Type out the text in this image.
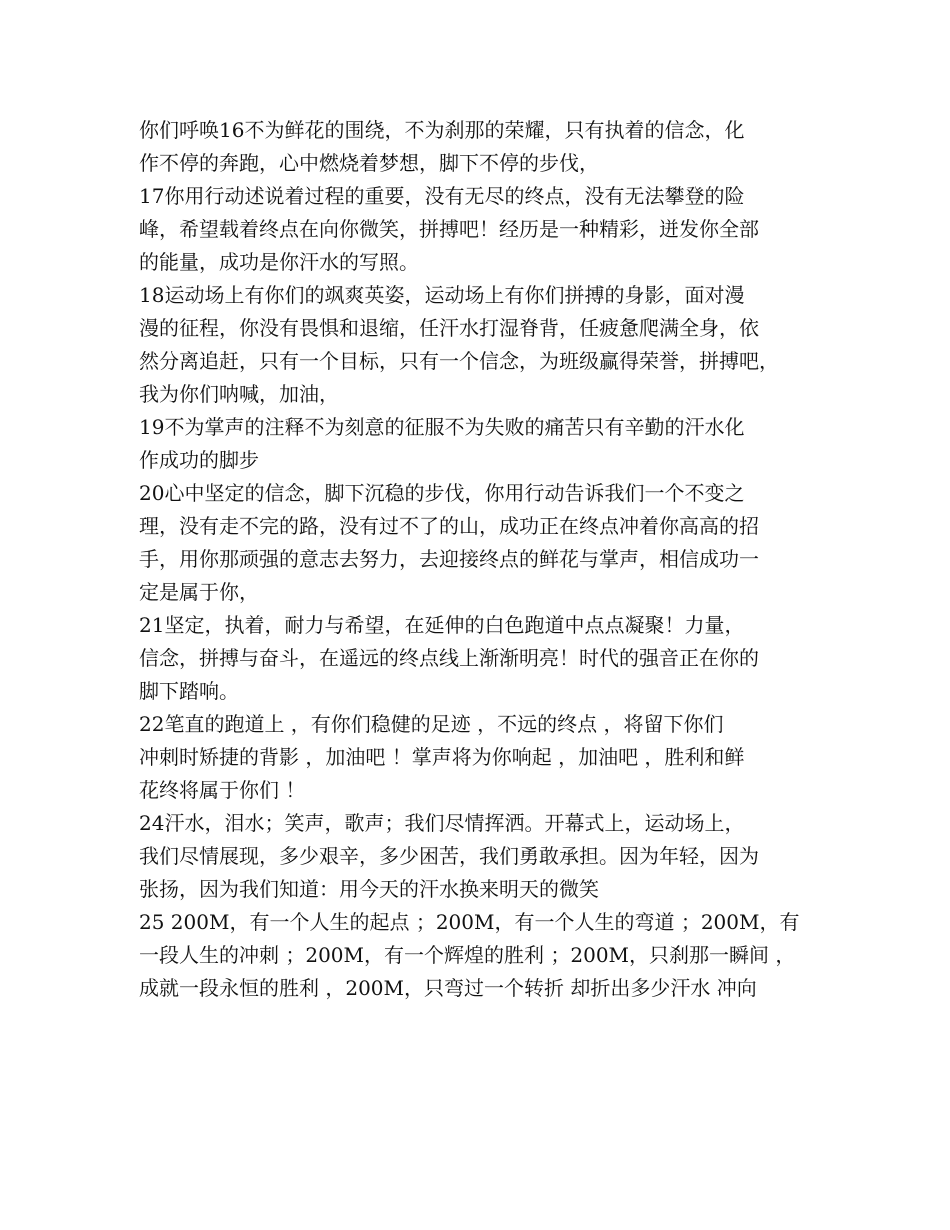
你们呼唤16不为鲜花的围绕，不为刹那的荣耀，只有执着的信念，化
作不停的奔跑，心中燃烧着梦想，脚下不停的步伐，
17你用行动述说着过程的重要，没有无尽的终点，没有无法攀登的险
峰，希望载着终点在向你微笑，拼搏吧！经历是一种精彩，迸发你全部
的能量，成功是你汗水的写照。
18运动场上有你们的飒爽英姿，运动场上有你们拼搏的身影，面对漫
漫的征程，你没有畏惧和退缩，任汗水打湿脊背，任疲惫爬满全身，依
然分离追赶，只有一个目标，只有一个信念，为班级赢得荣誉，拼搏吧，
我为你们呐喊，加油，
19不为掌声的注释不为刻意的征服不为失败的痛苦只有辛勤的汗水化
作成功的脚步
20心中坚定的信念，脚下沉稳的步伐，你用行动告诉我们一个不变之
理，没有走不完的路，没有过不了的山，成功正在终点冲着你高高的招
手，用你那顽强的意志去努力，去迎接终点的鲜花与掌声，相信成功一
定是属于你，
21坚定，执着，耐力与希望，在延伸的白色跑道中点点凝聚！力量，
信念，拼搏与奋斗，在遥远的终点线上渐渐明亮！时代的强音正在你的
脚下踏响。
22笔直的跑道上 ，有你们稳健的足迹 ，不远的终点 ，将留下你们
冲刺时矫捷的背影 ，加油吧 ！掌声将为你响起 ，加油吧 ，胜利和鲜
花终将属于你们 ！
24汗水，泪水；笑声，歌声；我们尽情挥洒。开幕式上，运动场上，
我们尽情展现，多少艰辛，多少困苦，我们勇敢承担。因为年轻，因为
张扬，因为我们知道：用今天的汗水换来明天的微笑
25 200M，有一个人生的起点 ；200M，有一个人生的弯道 ；200M，有
一段人生的冲刺 ；200M，有一个辉煌的胜利 ；200M，只刹那一瞬间 ，
成就一段永恒的胜利 ，200M，只弯过一个转折 却折出多少汗水 冲向
